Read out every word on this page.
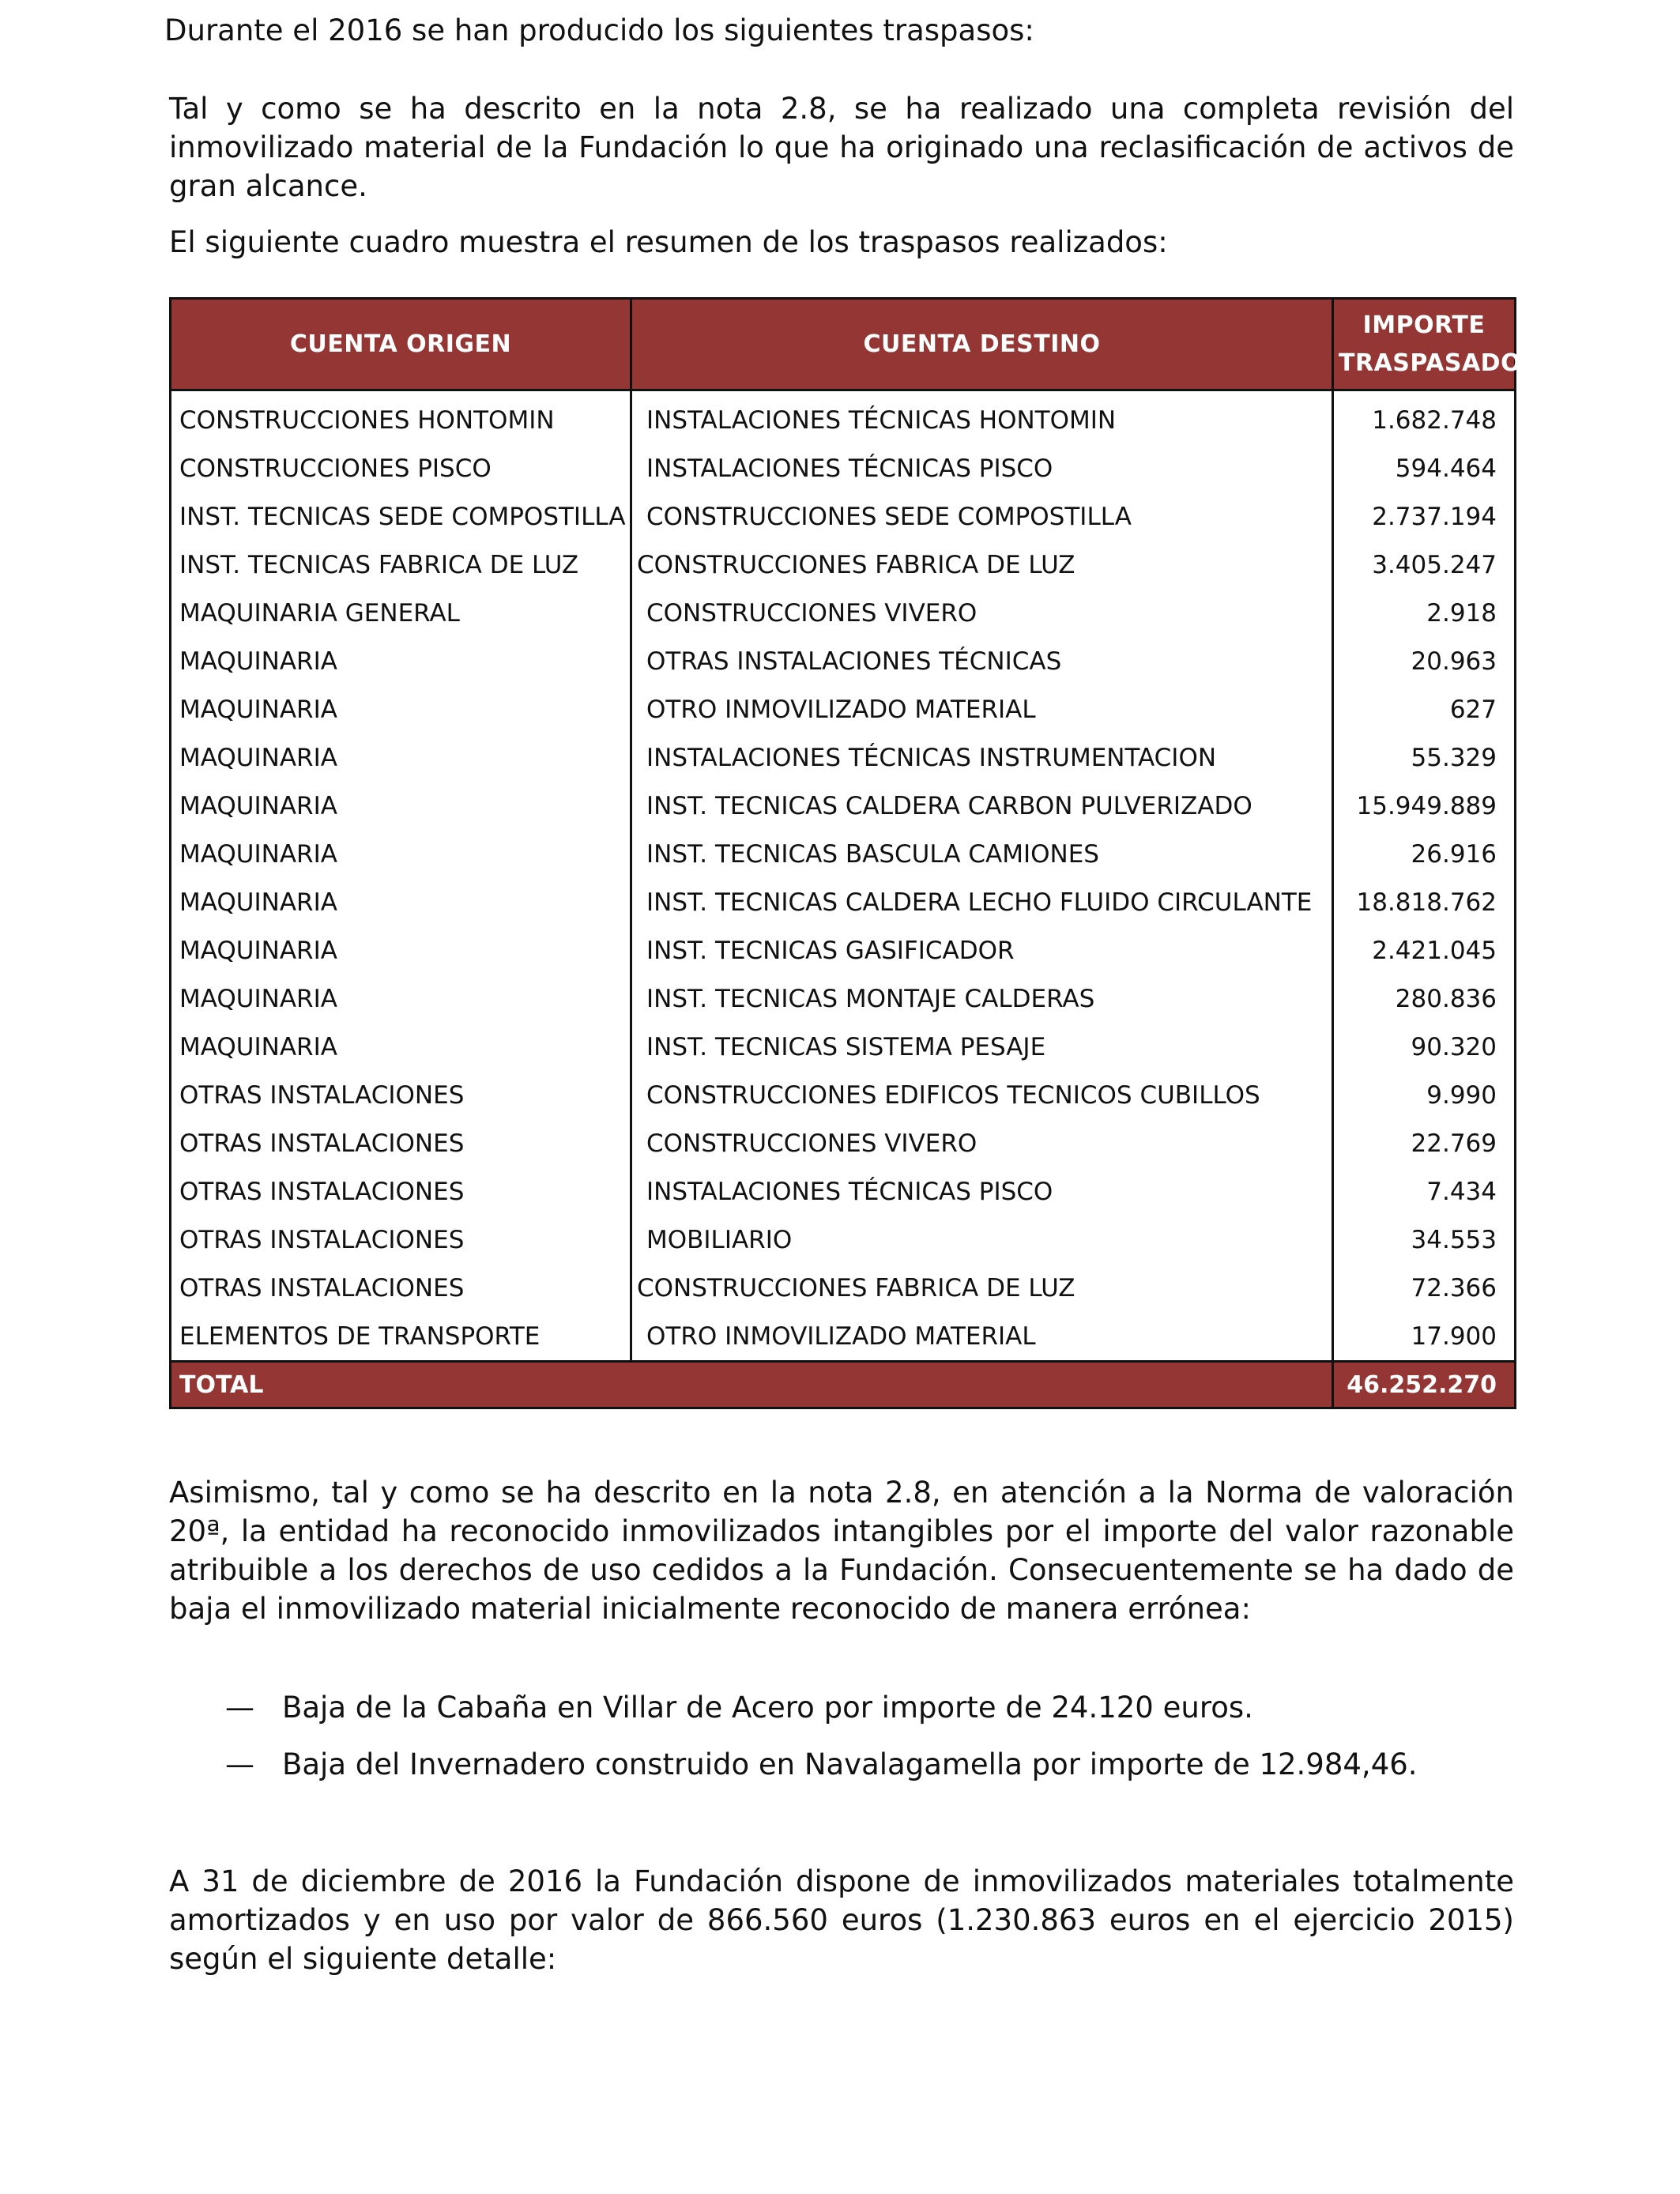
Durante el 2016 se han producido los siguientes traspasos:

Tal y como se ha descrito en la nota 2.8, se ha realizado una completa revisión del inmovilizado material de la Fundación lo que ha originado una reclasificación de activos de gran alcance.

El siguiente cuadro muestra el resumen de los traspasos realizados:

CUENTA ORIGEN	CUENTA DESTINO	IMPORTE TRASPASADO
CONSTRUCCIONES HONTOMIN	INSTALACIONES TÉCNICAS HONTOMIN	1.682.748
CONSTRUCCIONES PISCO	INSTALACIONES TÉCNICAS PISCO	594.464
INST. TECNICAS SEDE COMPOSTILLA	CONSTRUCCIONES SEDE COMPOSTILLA	2.737.194
INST. TECNICAS FABRICA DE LUZ	CONSTRUCCIONES FABRICA DE LUZ	3.405.247
MAQUINARIA GENERAL	CONSTRUCCIONES VIVERO	2.918
MAQUINARIA	OTRAS INSTALACIONES TÉCNICAS	20.963
MAQUINARIA	OTRO INMOVILIZADO MATERIAL	627
MAQUINARIA	INSTALACIONES TÉCNICAS INSTRUMENTACION	55.329
MAQUINARIA	INST. TECNICAS CALDERA CARBON PULVERIZADO	15.949.889
MAQUINARIA	INST. TECNICAS BASCULA CAMIONES	26.916
MAQUINARIA	INST. TECNICAS CALDERA LECHO FLUIDO CIRCULANTE	18.818.762
MAQUINARIA	INST. TECNICAS GASIFICADOR	2.421.045
MAQUINARIA	INST. TECNICAS MONTAJE CALDERAS	280.836
MAQUINARIA	INST. TECNICAS SISTEMA PESAJE	90.320
OTRAS INSTALACIONES	CONSTRUCCIONES EDIFICOS TECNICOS CUBILLOS	9.990
OTRAS INSTALACIONES	CONSTRUCCIONES VIVERO	22.769
OTRAS INSTALACIONES	INSTALACIONES TÉCNICAS PISCO	7.434
OTRAS INSTALACIONES	MOBILIARIO	34.553
OTRAS INSTALACIONES	CONSTRUCCIONES FABRICA DE LUZ	72.366
ELEMENTOS DE TRANSPORTE	OTRO INMOVILIZADO MATERIAL	17.900
TOTAL		46.252.270

Asimismo, tal y como se ha descrito en la nota 2.8, en atención a la Norma de valoración 20ª, la entidad ha reconocido inmovilizados intangibles por el importe del valor razonable atribuible a los derechos de uso cedidos a la Fundación. Consecuentemente se ha dado de baja el inmovilizado material inicialmente reconocido de manera errónea:

— Baja de la Cabaña en Villar de Acero por importe de 24.120 euros.
— Baja del Invernadero construido en Navalagamella por importe de 12.984,46.

A 31 de diciembre de 2016 la Fundación dispone de inmovilizados materiales totalmente amortizados y en uso por valor de 866.560 euros (1.230.863 euros en el ejercicio 2015) según el siguiente detalle:
